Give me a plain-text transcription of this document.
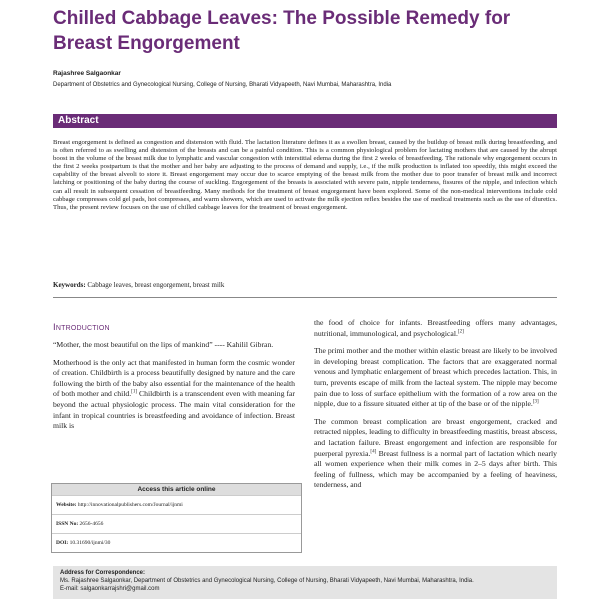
Chilled Cabbage Leaves: The Possible Remedy for Breast Engorgement
Rajashree Salgaonkar
Department of Obstetrics and Gynecological Nursing, College of Nursing, Bharati Vidyapeeth, Navi Mumbai, Maharashtra, India
Abstract

Breast engorgement is defined as congestion and distension with fluid. The lactation literature defines it as a swollen breast, caused by the buildup of breast milk during breastfeeding, and is often referred to as swelling and distension of the breasts and can be a painful condition. This is a common physiological problem for lactating mothers that are caused by the abrupt boost in the volume of the breast milk due to lymphatic and vascular congestion with interstitial edema during the first 2 weeks of breastfeeding. The rationale why engorgement occurs in the first 2 weeks postpartum is that the mother and her baby are adjusting to the process of demand and supply, i.e., if the milk production is inflated too speedily, this might exceed the capability of the breast alveoli to store it. Breast engorgement may occur due to scarce emptying of the breast milk from the mother due to poor transfer of breast milk and incorrect latching or positioning of the baby during the course of suckling. Engorgement of the breasts is associated with severe pain, nipple tenderness, fissures of the nipple, and infection which can all result in subsequent cessation of breastfeeding. Many methods for the treatment of breast engorgement have been explored. Some of the non-medical interventions include cold cabbage compresses cold gel pads, hot compresses, and warm showers, which are used to activate the milk ejection reflex besides the use of medical treatments such as the use of diuretics. Thus, the present review focuses on the use of chilled cabbage leaves for the treatment of breast engorgement.

Keywords: Cabbage leaves, breast engorgement, breast milk

Introduction

“Mother, the most beautiful on the lips of mankind” ---- Kahilil Gibran.

Motherhood is the only act that manifested in human form the cosmic wonder of creation. Childbirth is a process beautifully designed by nature and the care following the birth of the baby also essential for the maintenance of the health of both mother and child.[1] Childbirth is a transcendent even with meaning far beyond the actual physiologic process. The main vital consideration for the infant in tropical countries is breastfeeding and avoidance of infection. Breast milk is

Access this article online
Website: http://innovationalpublishers.com/Journal/ijnmi
ISSN No: 2656-4656
DOI: 10.31690/ijnmi/30

the food of choice for infants. Breastfeeding offers many advantages, nutritional, immunological, and psychological.[2]

The primi mother and the mother within elastic breast are likely to be involved in developing breast complication. The factors that are exaggerated normal venous and lymphatic enlargement of breast which precedes lactation. This, in turn, prevents escape of milk from the lacteal system. The nipple may become pain due to loss of surface epithelium with the formation of a row area on the nipple, due to a fissure situated either at tip of the base or of the nipple.[3]

The common breast complication are breast engorgement, cracked and retracted nipples, leading to difficulty in breastfeeding mastitis, breast abscess, and lactation failure. Breast engorgement and infection are responsible for puerperal pyrexia.[4] Breast fullness is a normal part of lactation which nearly all women experience when their milk comes in 2–5 days after birth. This feeling of fullness, which may be accompanied by a feeling of heaviness, tenderness, and

Address for Correspondence:
Ms. Rajashree Salgaonkar, Department of Obstetrics and Gynecological Nursing, College of Nursing, Bharati Vidyapeeth, Navi Mumbai, Maharashtra, India.
E-mail: salgaonkarrajshri@gmail.com
